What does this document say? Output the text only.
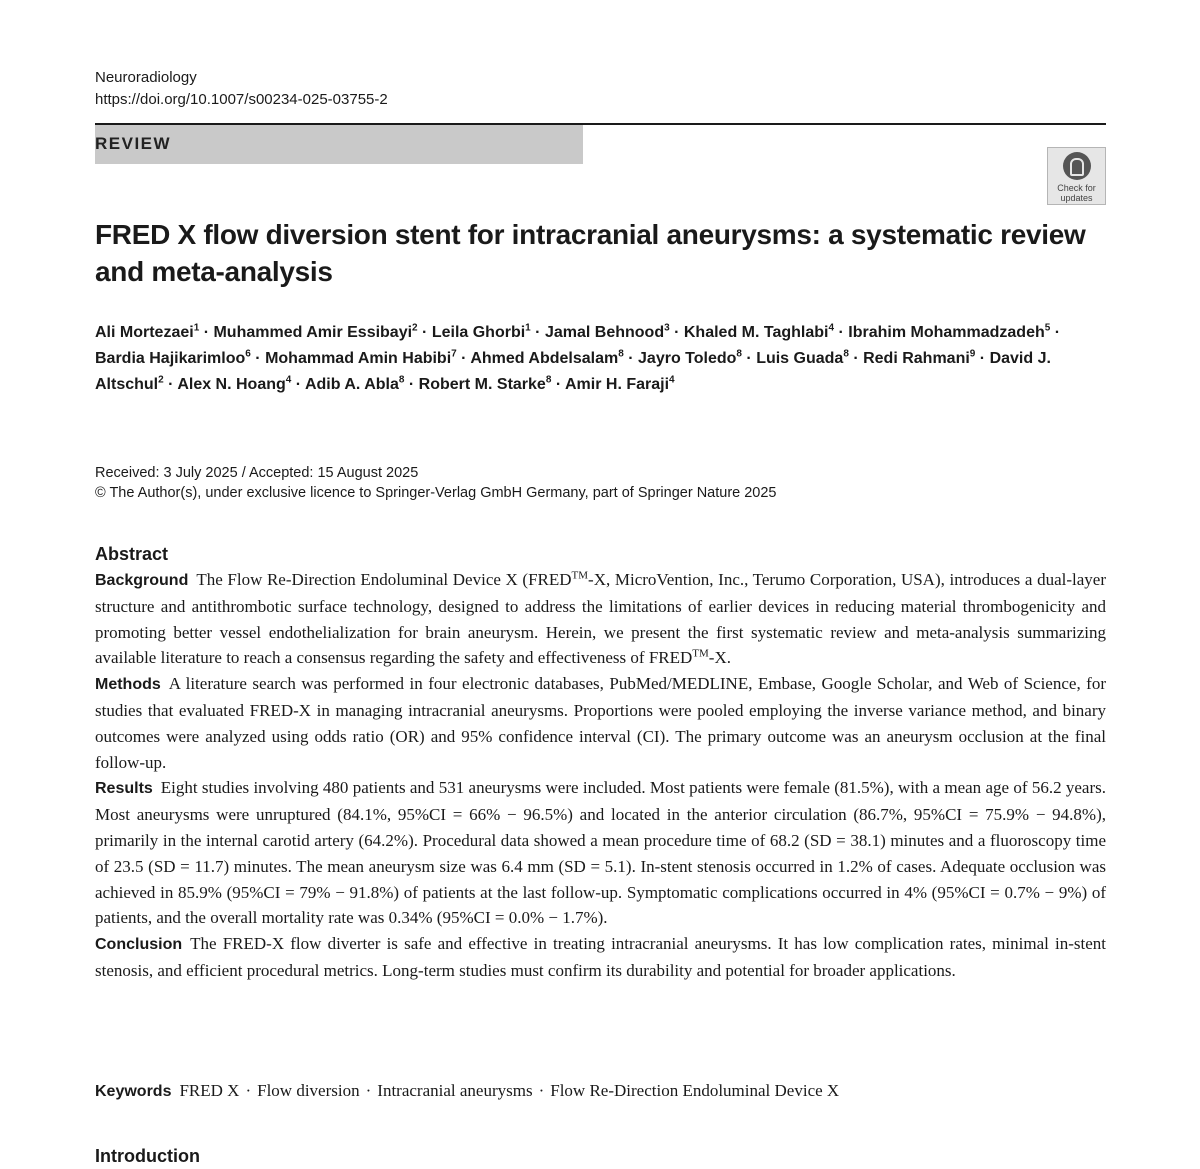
Neuroradiology
https://doi.org/10.1007/s00234-025-03755-2
REVIEW
Check for updates
FRED X flow diversion stent for intracranial aneurysms: a systematic review and meta-analysis
Ali Mortezaei$^1$ · Muhammed Amir Essibayi$^2$ · Leila Ghorbi$^1$ · Jamal Behnood$^3$ · Khaled M. Taghlabi$^4$ · Ibrahim Mohammadzadeh$^5$ · Bardia Hajikarimloo$^6$ · Mohammad Amin Habibi$^7$ · Ahmed Abdelsalam$^8$ · Jayro Toledo$^8$ · Luis Guada$^8$ · Redi Rahmani$^9$ · David J. Altschul$^2$ · Alex N. Hoang$^4$ · Adib A. Abla$^8$ · Robert M. Starke$^8$ · Amir H. Faraji$^4$
Received: 3 July 2025 / Accepted: 15 August 2025
© The Author(s), under exclusive licence to Springer-Verlag GmbH Germany, part of Springer Nature 2025
Abstract

Background The Flow Re-Direction Endoluminal Device X (FRED™-X, MicroVention, Inc., Terumo Corporation, USA), introduces a dual-layer structure and antithrombotic surface technology, designed to address the limitations of earlier devices in reducing material thrombogenicity and promoting better vessel endothelialization for brain aneurysm. Herein, we present the first systematic review and meta-analysis summarizing available literature to reach a consensus regarding the safety and effectiveness of FRED™-X.

Methods A literature search was performed in four electronic databases, PubMed/MEDLINE, Embase, Google Scholar, and Web of Science, for studies that evaluated FRED-X in managing intracranial aneurysms. Proportions were pooled employing the inverse variance method, and binary outcomes were analyzed using odds ratio (OR) and 95% confidence interval (CI). The primary outcome was an aneurysm occlusion at the final follow-up.

Results Eight studies involving 480 patients and 531 aneurysms were included. Most patients were female (81.5%), with a mean age of 56.2 years. Most aneurysms were unruptured (84.1%, 95%CI = 66% − 96.5%) and located in the anterior circulation (86.7%, 95%CI = 75.9% − 94.8%), primarily in the internal carotid artery (64.2%). Procedural data showed a mean procedure time of 68.2 (SD = 38.1) minutes and a fluoroscopy time of 23.5 (SD = 11.7) minutes. The mean aneurysm size was 6.4 mm (SD = 5.1). In-stent stenosis occurred in 1.2% of cases. Adequate occlusion was achieved in 85.9% (95%CI = 79% − 91.8%) of patients at the last follow-up. Symptomatic complications occurred in 4% (95%CI = 0.7% − 9%) of patients, and the overall mortality rate was 0.34% (95%CI = 0.0% − 1.7%).

Conclusion The FRED-X flow diverter is safe and effective in treating intracranial aneurysms. It has low complication rates, minimal in-stent stenosis, and efficient procedural metrics. Long-term studies must confirm its durability and potential for broader applications.

Keywords FRED X · Flow diversion · Intracranial aneurysms · Flow Re-Direction Endoluminal Device X
Introduction
